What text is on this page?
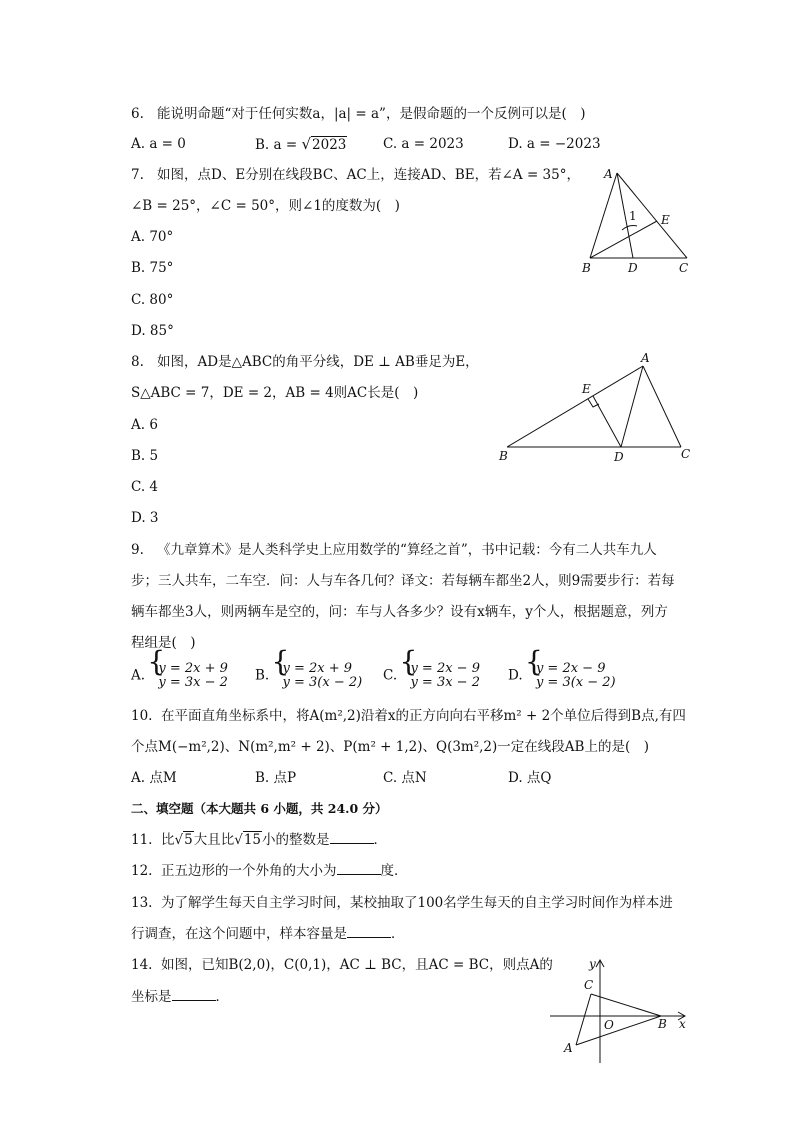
6. 能说明命题“对于任何实数a，|a| = a”，是假命题的一个反例可以是(　)
A. a = 0	B. a = √2023	C. a = 2023	D. a = −2023
7. 如图，点D、E分别在线段BC、AC上，连接AD、BE，若∠A = 35°，
∠B = 25°，∠C = 50°，则∠1的度数为(　)
A. 70°
B. 75°
C. 80°
D. 85°
A
1 E
B	D	C
8. 如图，AD是△ABC的角平分线，DE ⊥ AB垂足为E，
S△ABC = 7，DE = 2，AB = 4则AC长是(　)
A. 6
B. 5
C. 4
D. 3
A
E
B	D	C
9. 《九章算术》是人类科学史上应用数学的“算经之首”，书中记载：今有二人共车九人
步；三人共车，二车空．问：人与车各几何？译文：若每辆车都坐2人，则9需要步行：若每
辆车都坐3人，则两辆车是空的，问：车与人各多少？设有x辆车，y个人，根据题意，列方
程组是(　)
A. { y = 2x + 9
y = 3x − 2 B. { y = 2x + 9
y = 3(x − 2) C. { y = 2x − 9
y = 3x − 2 D. { y = 2x − 9
y = 3(x − 2)
10. 在平面直角坐标系中，将A(m²,2)沿着x的正方向向右平移m² + 2个单位后得到B点,有四
个点M(−m²,2)、N(m²,m² + 2)、P(m² + 1,2)、Q(3m²,2)一定在线段AB上的是(　)
A. 点M	B. 点P	C. 点N	D. 点Q
二、填空题（本大题共 6 小题，共 24.0 分）
11. 比√5大且比√15小的整数是	．
12. 正五边形的一个外角的大小为	度．
13. 为了解学生每天自主学习时间，某校抽取了100名学生每天的自主学习时间作为样本进
行调查，在这个问题中，样本容量是	．
14. 如图，已知B(2,0)，C(0,1)，AC ⊥ BC，且AC = BC，则点A的
坐标是	．
y
C
O	B x
A
